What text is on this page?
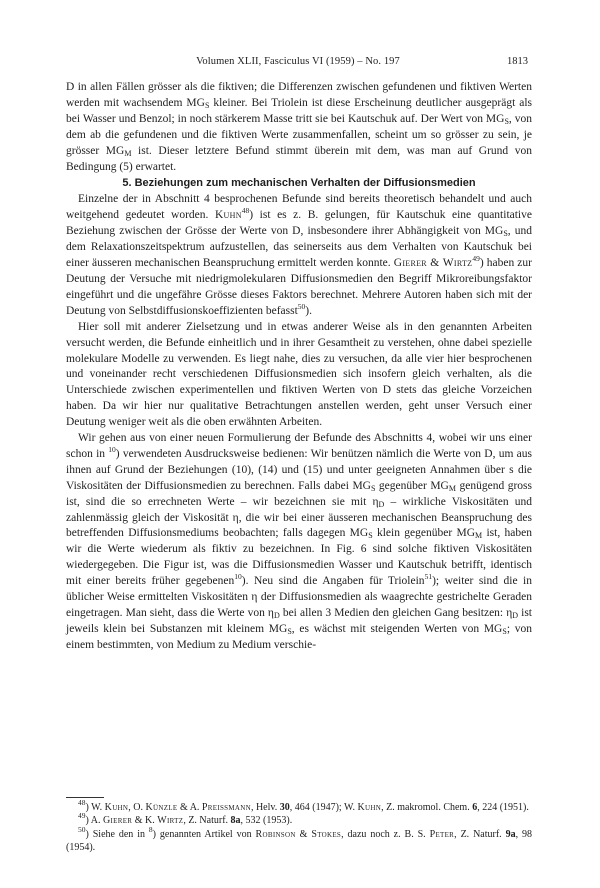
Volumen XLII, Fasciculus VI (1959) – No. 197	1813

D in allen Fällen grösser als die fiktiven; die Differenzen zwischen gefundenen und fiktiven Werten werden mit wachsendem $MG_S$ kleiner. Bei Triolein ist diese Erscheinung deutlicher ausgeprägt als bei Wasser und Benzol; in noch stärkerem Masse tritt sie bei Kautschuk auf. Der Wert von $MG_S$, von dem ab die gefundenen und die fiktiven Werte zusammenfallen, scheint um so grösser zu sein, je grösser $MG_M$ ist. Dieser letztere Befund stimmt überein mit dem, was man auf Grund von Bedingung (5) erwartet.

5. Beziehungen zum mechanischen Verhalten der Diffusionsmedien

Einzelne der in Abschnitt 4 besprochenen Befunde sind bereits theoretisch behandelt und auch weitgehend gedeutet worden. Kuhn$^{48}$) ist es z. B. gelungen, für Kautschuk eine quantitative Beziehung zwischen der Grösse der Werte von D, insbesondere ihrer Abhängigkeit von $MG_S$, und dem Relaxationszeitspektrum aufzustellen, das seinerseits aus dem Verhalten von Kautschuk bei einer äusseren mechanischen Beanspruchung ermittelt werden konnte. Gierer & Wirtz$^{49}$) haben zur Deutung der Versuche mit niedrigmolekularen Diffusionsmedien den Begriff Mikroreibungsfaktor eingeführt und die ungefähre Grösse dieses Faktors berechnet. Mehrere Autoren haben sich mit der Deutung von Selbstdiffusionskoeffizienten befasst$^{50}$).

Hier soll mit anderer Zielsetzung und in etwas anderer Weise als in den genannten Arbeiten versucht werden, die Befunde einheitlich und in ihrer Gesamtheit zu verstehen, ohne dabei spezielle molekulare Modelle zu verwenden. Es liegt nahe, dies zu versuchen, da alle vier hier besprochenen und voneinander recht verschiedenen Diffusionsmedien sich insofern gleich verhalten, als die Unterschiede zwischen experimentellen und fiktiven Werten von D stets das gleiche Vorzeichen haben. Da wir hier nur qualitative Betrachtungen anstellen werden, geht unser Versuch einer Deutung weniger weit als die oben erwähnten Arbeiten.

Wir gehen aus von einer neuen Formulierung der Befunde des Abschnitts 4, wobei wir uns einer schon in $^{10}$) verwendeten Ausdrucksweise bedienen: Wir benützen nämlich die Werte von D, um aus ihnen auf Grund der Beziehungen (10), (14) und (15) und unter geeigneten Annahmen über s die Viskositäten der Diffusionsmedien zu berechnen. Falls dabei $MG_S$ gegenüber $MG_M$ genügend gross ist, sind die so errechneten Werte – wir bezeichnen sie mit $\eta_D$ – wirkliche Viskositäten und zahlenmässig gleich der Viskosität η, die wir bei einer äusseren mechanischen Beanspruchung des betreffenden Diffusionsmediums beobachten; falls dagegen $MG_S$ klein gegenüber $MG_M$ ist, haben wir die Werte wiederum als fiktiv zu bezeichnen. In Fig. 6 sind solche fiktiven Viskositäten wiedergegeben. Die Figur ist, was die Diffusionsmedien Wasser und Kautschuk betrifft, identisch mit einer bereits früher gegebenen$^{10}$). Neu sind die Angaben für Triolein$^{51}$); weiter sind die in üblicher Weise ermittelten Viskositäten η der Diffusionsmedien als waagrechte gestrichelte Geraden eingetragen. Man sieht, dass die Werte von $\eta_D$ bei allen 3 Medien den gleichen Gang besitzen: $\eta_D$ ist jeweils klein bei Substanzen mit kleinem $MG_S$, es wächst mit steigenden Werten von $MG_S$; von einem bestimmten, von Medium zu Medium verschie-

$^{48}$) W. Kuhn, O. Künzle & A. Preissmann, Helv. 30, 464 (1947); W. Kuhn, Z. makromol. Chem. 6, 224 (1951).

$^{49}$) A. Gierer & K. Wirtz, Z. Naturf. 8a, 532 (1953).

$^{50}$) Siehe den in $^8$) genannten Artikel von Robinson & Stokes, dazu noch z. B. S. Peter, Z. Naturf. 9a, 98 (1954).
